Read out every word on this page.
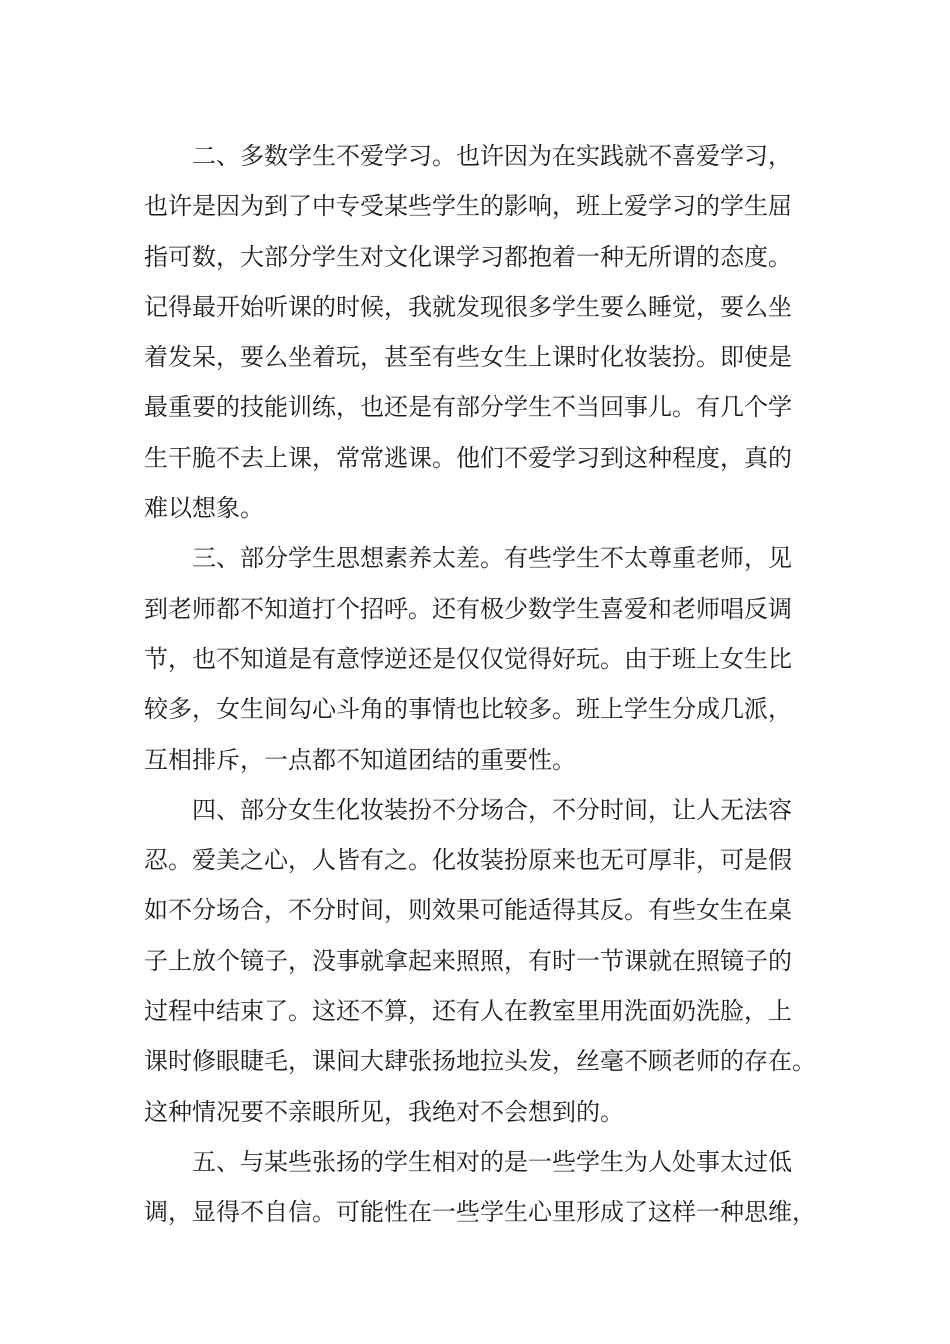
二、多数学生不爱学习。也许因为在实践就不喜爱学习，
也许是因为到了中专受某些学生的影响，班上爱学习的学生屈
指可数，大部分学生对文化课学习都抱着一种无所谓的态度。
记得最开始听课的时候，我就发现很多学生要么睡觉，要么坐
着发呆，要么坐着玩，甚至有些女生上课时化妆装扮。即使是
最重要的技能训练，也还是有部分学生不当回事儿。有几个学
生干脆不去上课，常常逃课。他们不爱学习到这种程度，真的
难以想象。
三、部分学生思想素养太差。有些学生不太尊重老师，见
到老师都不知道打个招呼。还有极少数学生喜爱和老师唱反调
节，也不知道是有意悖逆还是仅仅觉得好玩。由于班上女生比
较多，女生间勾心斗角的事情也比较多。班上学生分成几派，
互相排斥，一点都不知道团结的重要性。
四、部分女生化妆装扮不分场合，不分时间，让人无法容
忍。爱美之心，人皆有之。化妆装扮原来也无可厚非，可是假
如不分场合，不分时间，则效果可能适得其反。有些女生在桌
子上放个镜子，没事就拿起来照照，有时一节课就在照镜子的
过程中结束了。这还不算，还有人在教室里用洗面奶洗脸，上
课时修眼睫毛，课间大肆张扬地拉头发，丝毫不顾老师的存在。
这种情况要不亲眼所见，我绝对不会想到的。
五、与某些张扬的学生相对的是一些学生为人处事太过低
调，显得不自信。可能性在一些学生心里形成了这样一种思维，
